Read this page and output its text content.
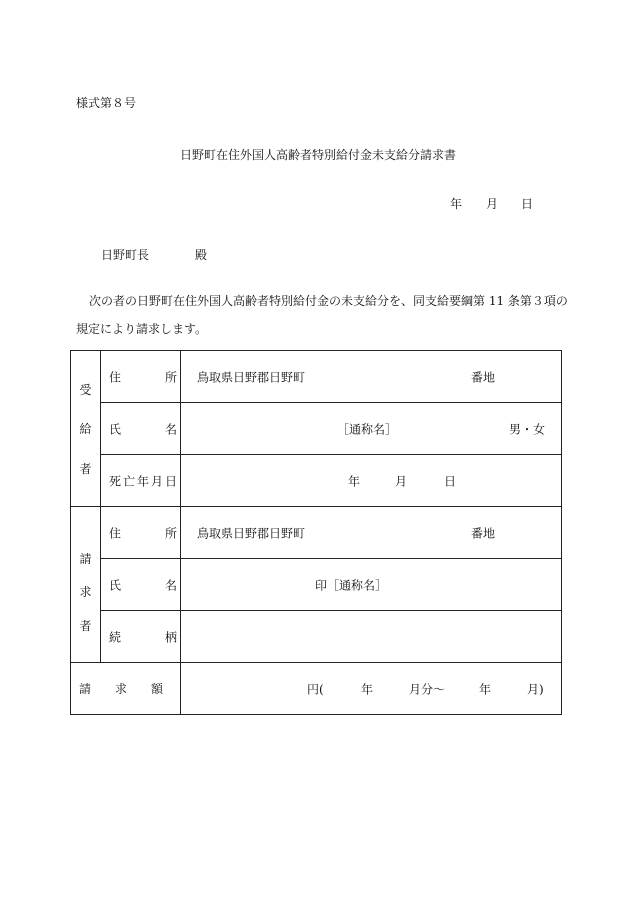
様式第８号
日野町在住外国人高齢者特別給付金未支給分請求書
年 月 日
日野町長	殿
次の者の日野町在住外国人高齢者特別給付金の未支給分を、同支給要綱第 11 条第３項の
規定により請求します。
受
給
者	住 所	鳥取県日野郡日野町 番地

	氏 名	［通称名］ 男・女

	死 亡 年 月 日	年 月 日

請
求
者	住 所	鳥取県日野郡日野町 番地

	氏 名	印［通称名］

	続 柄	

請 求 額		円( 年 月分～ 年 月)
